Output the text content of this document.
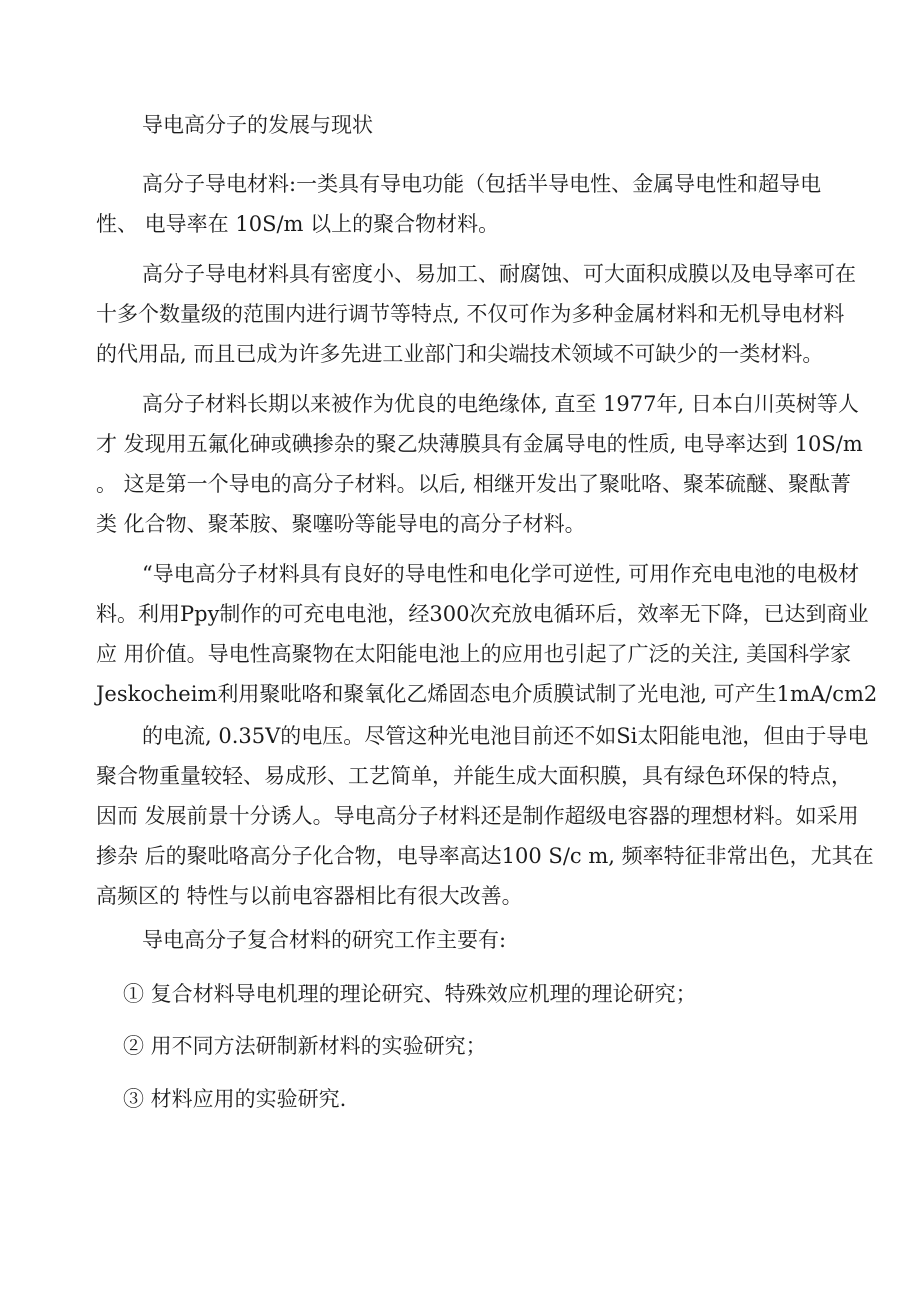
导电高分子的发展与现状
高分子导电材料:一类具有导电功能（包括半导电性、金属导电性和超导电
性、 电导率在 10S/m 以上的聚合物材料。
高分子导电材料具有密度小、易加工、耐腐蚀、可大面积成膜以及电导率可在
十多个数量级的范围内进行调节等特点, 不仅可作为多种金属材料和无机导电材料
的代用品, 而且已成为许多先进工业部门和尖端技术领域不可缺少的一类材料。
高分子材料长期以来被作为优良的电绝缘体, 直至 1977年, 日本白川英树等人
才 发现用五氟化砷或碘掺杂的聚乙炔薄膜具有金属导电的性质, 电导率达到 10S/m
。 这是第一个导电的高分子材料。以后, 相继开发出了聚吡咯、聚苯硫醚、聚酞菁
类 化合物、聚苯胺、聚噻吩等能导电的高分子材料。
“导电高分子材料具有良好的导电性和电化学可逆性, 可用作充电电池的电极材
料。利用Ppy制作的可充电电池，经300次充放电循环后，效率无下降，已达到商业
应 用价值。导电性高聚物在太阳能电池上的应用也引起了广泛的关注, 美国科学家
Jeskocheim利用聚吡咯和聚氧化乙烯固态电介质膜试制了光电池, 可产生1mA/cm2
的电流, 0.35V的电压。尽管这种光电池目前还不如Si太阳能电池，但由于导电
聚合物重量较轻、易成形、工艺简单，并能生成大面积膜，具有绿色环保的特点，
因而 发展前景十分诱人。导电高分子材料还是制作超级电容器的理想材料。如采用
掺杂 后的聚吡咯高分子化合物，电导率高达100 S/c m, 频率特征非常出色，尤其在
高频区的 特性与以前电容器相比有很大改善。
导电高分子复合材料的研究工作主要有:
① 复合材料导电机理的理论研究、特殊效应机理的理论研究；
② 用不同方法研制新材料的实验研究；
③ 材料应用的实验研究.
